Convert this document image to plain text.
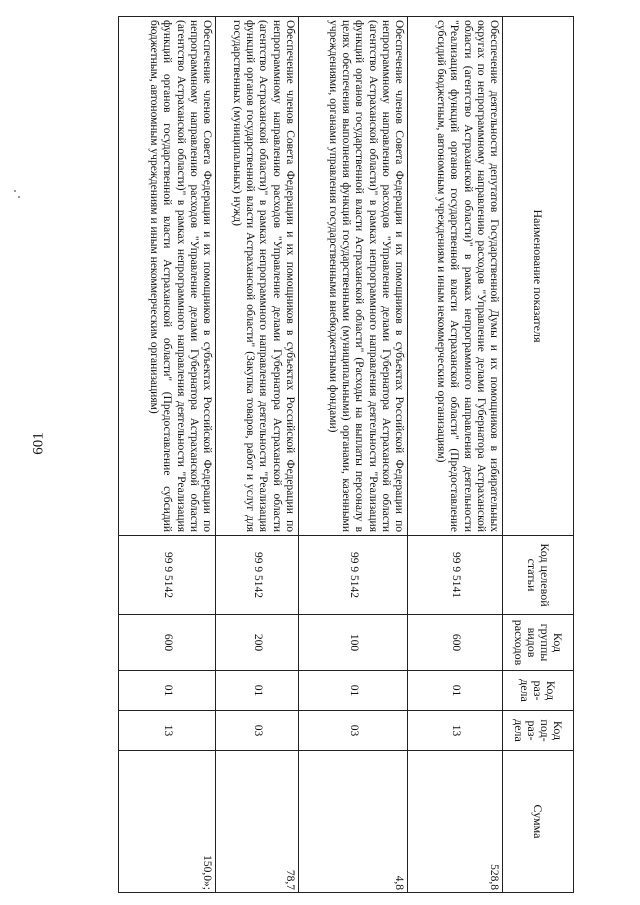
601
Наименование показателя	Код целевой статьи	Код группы видов расходов	Код раз-дела	Код под-раз-дела	Сумма
Обеспечение деятельности депутатов Государственной Думы и их помощников в избирательных округах по непрограммному направлению расходов "Управление делами Губернатора Астраханской области (агентство Астраханской области)" в рамках непрограммного направления деятельности "Реализация функций органов государственной власти Астраханской области" (Предоставление субсидий бюджетным, автономным учреждениям и иным некоммерческим организациям)	99 9 5141	600	01	13	528,8
Обеспечение членов Совета Федерации и их помощников в субъектах Российской Федерации по непрограммному направлению расходов "Управление делами Губернатора Астраханской области (агентство Астраханской области)" в рамках непрограммного направления деятельности "Реализация функций органов государственной власти Астраханской области" (Расходы на выплаты персоналу в целях обеспечения выполнения функций государственными (муниципальными) органами, казенными учреждениями, органами управления государственными внебюджетными фондами)	99 9 5142	100	01	03	4,8
Обеспечение членов Совета Федерации и их помощников в субъектах Российской Федерации по непрограммному направлению расходов "Управление делами Губернатора Астраханской области (агентство Астраханской области)" в рамках непрограммного направления деятельности "Реализация функций органов государственной власти Астраханской области" (Закупка товаров, работ и услуг для государственных (муниципальных) нужд)	99 9 5142	200	01	03	78,7
Обеспечение членов Совета Федерации и их помощников в субъектах Российской Федерации по непрограммному направлению расходов "Управление делами Губернатора Астраханской области (агентство Астраханской области)" в рамках непрограммного направления деятельности "Реализация функций органов государственной власти Астраханской области" (Предоставление субсидий бюджетным, автономным учреждениям и иным некоммерческим организациям)	99 9 5142	600	01	13	150,0»;
